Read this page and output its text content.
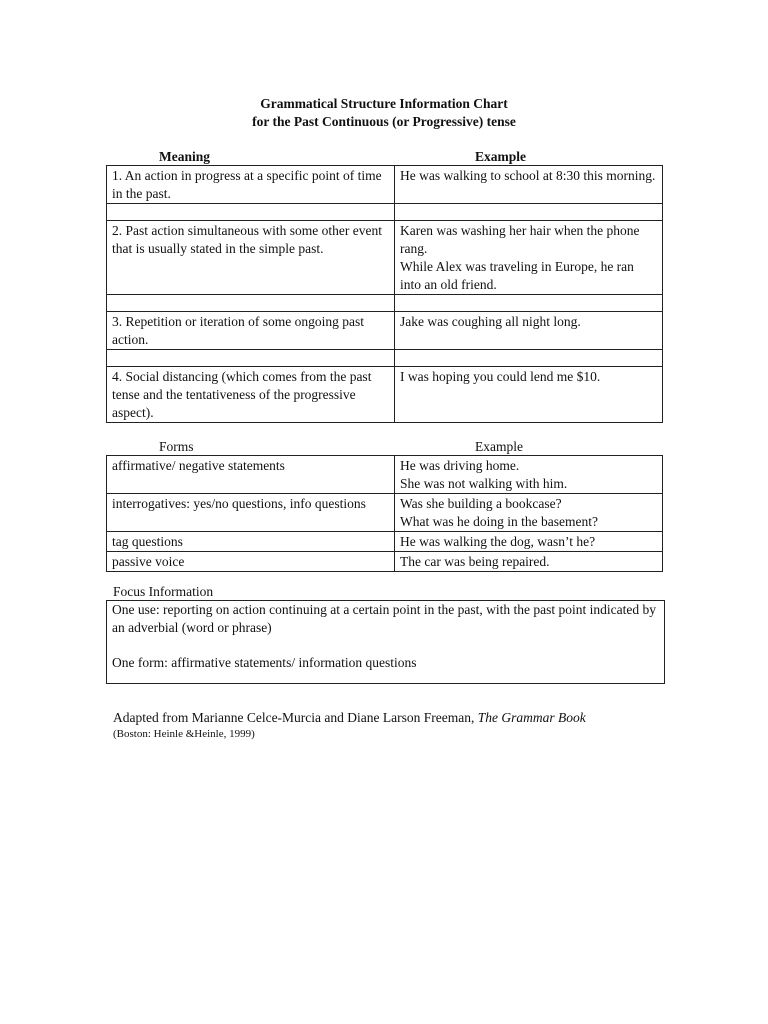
Grammatical Structure Information Chart
for the Past Continuous (or Progressive) tense
Meaning	Example
1. An action in progress at a specific point of time in the past.	He was walking to school at 8:30 this morning.

2. Past action simultaneous with some other event that is usually stated in the simple past.	Karen was washing her hair when the phone rang.
While Alex was traveling in Europe, he ran into an old friend.

3. Repetition or iteration of some ongoing past action.	Jake was coughing all night long.

4. Social distancing (which comes from the past tense and the tentativeness of the progressive aspect).	I was hoping you could lend me $10.
Forms	Example
affirmative/ negative statements	He was driving home.
She was not walking with him.

interrogatives: yes/no questions, info questions	Was she building a bookcase?
What was he doing in the basement?

tag questions	He was walking the dog, wasn’t he?
passive voice	The car was being repaired.
Focus Information

One use: reporting on action continuing at a certain point in the past, with the past point indicated by an adverbial (word or phrase)

One form: affirmative statements/ information questions

Adapted from Marianne Celce-Murcia and Diane Larson Freeman, The Grammar Book
(Boston: Heinle &Heinle, 1999)
